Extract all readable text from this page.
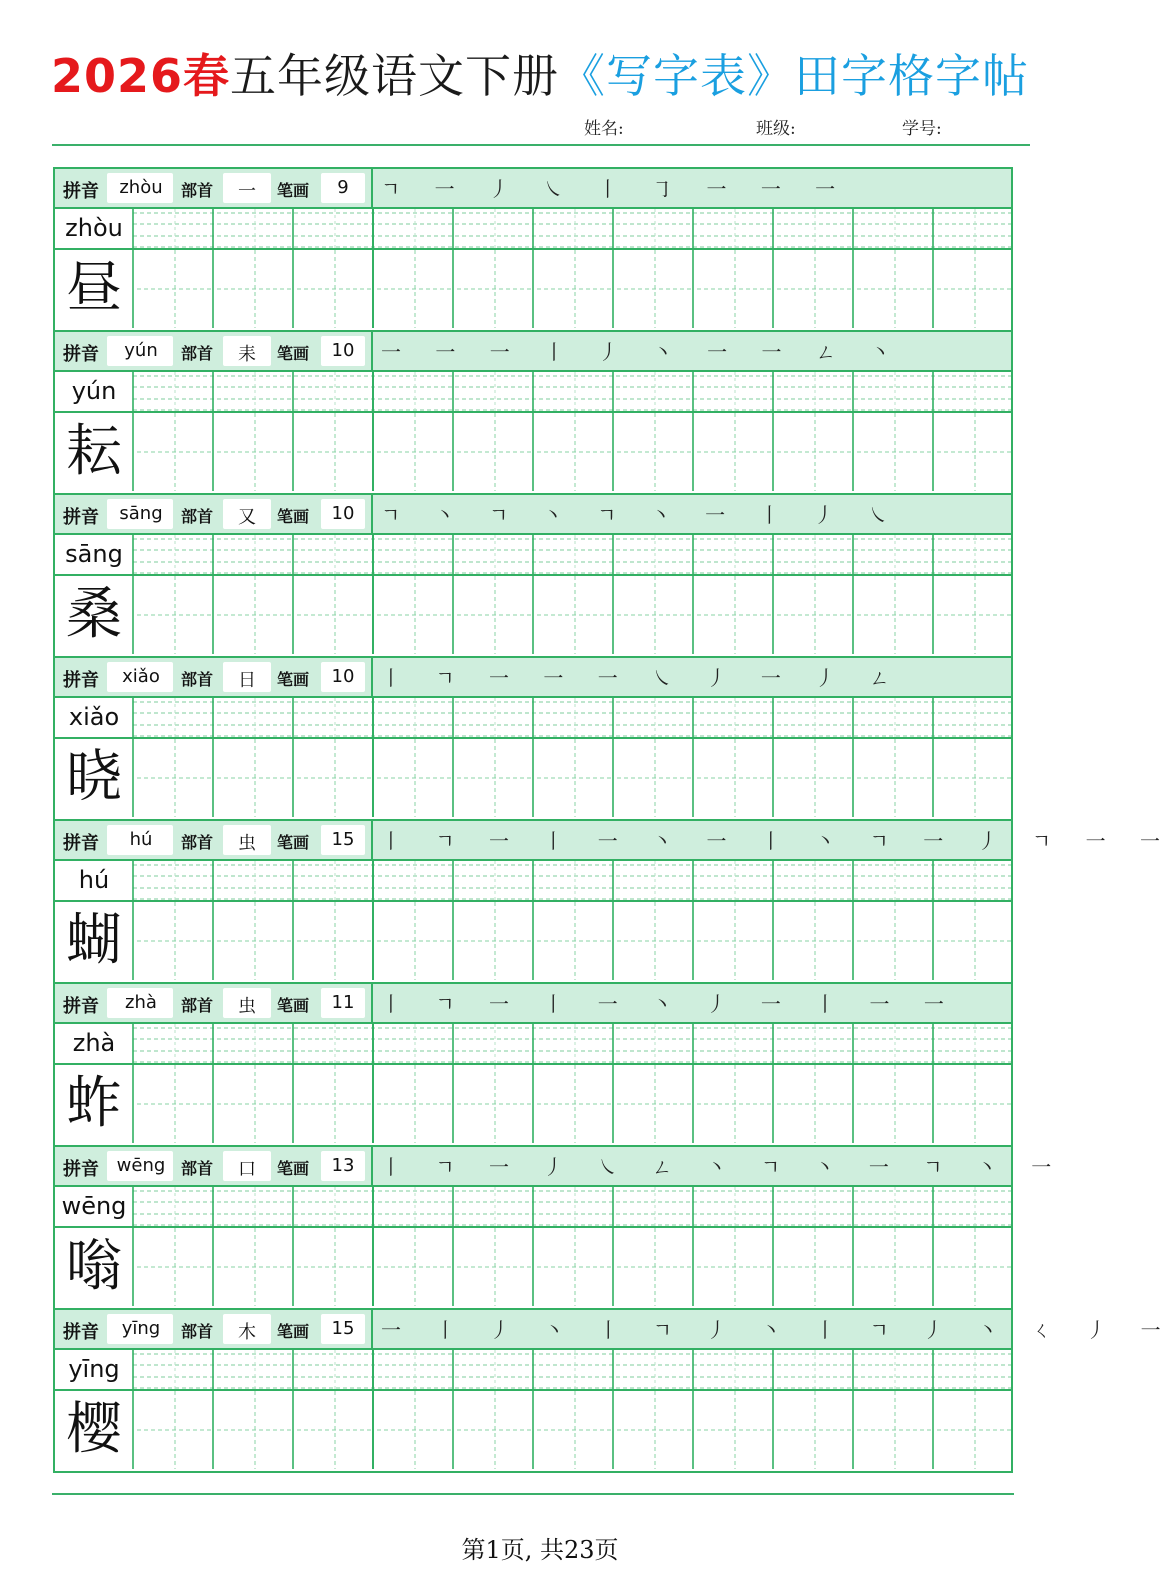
2026春五年级语文下册《写字表》田字格字帖
姓名:	班级:	学号:
拼音	zhòu	部首	一	笔画	9	ㄱ 一 丿 ㇏ 丨 ㇆ 一 一 一
zhòu
昼
拼音	yún	部首	耒	笔画	10	一 一 一 丨 丿 丶 一 一 ㄥ 丶
yún
耘
拼音	sāng	部首	又	笔画	10	ㄱ 丶 ㄱ 丶 ㄱ 丶 一 丨 丿 ㇏
sāng
桑
拼音	xiǎo	部首	日	笔画	10	丨 ㄱ 一 一 一 ㇏ 丿 一 丿 ㄥ
xiǎo
晓
拼音	hú	部首	虫	笔画	15	丨 ㄱ 一 丨 一 丶 一 丨 丶 ㄱ 一 丿 ㄱ 一 一
hú
蝴
拼音	zhà	部首	虫	笔画	11	丨 ㄱ 一 丨 一 丶 丿 一 丨 一 一
zhà
蚱
拼音 wēng 部首	口	笔画	13	丨 ㄱ 一 丿 ㇏ ㄥ 丶 ㄱ 丶 一 ㄱ 丶 一
wēng
嗡
拼音	yīng	部首	木	笔画	15	一 丨 丿 丶 丨 ㄱ 丿 丶 丨 ㄱ 丿 丶 ㄑ 丿 一
yīng
樱
第1页, 共23页
